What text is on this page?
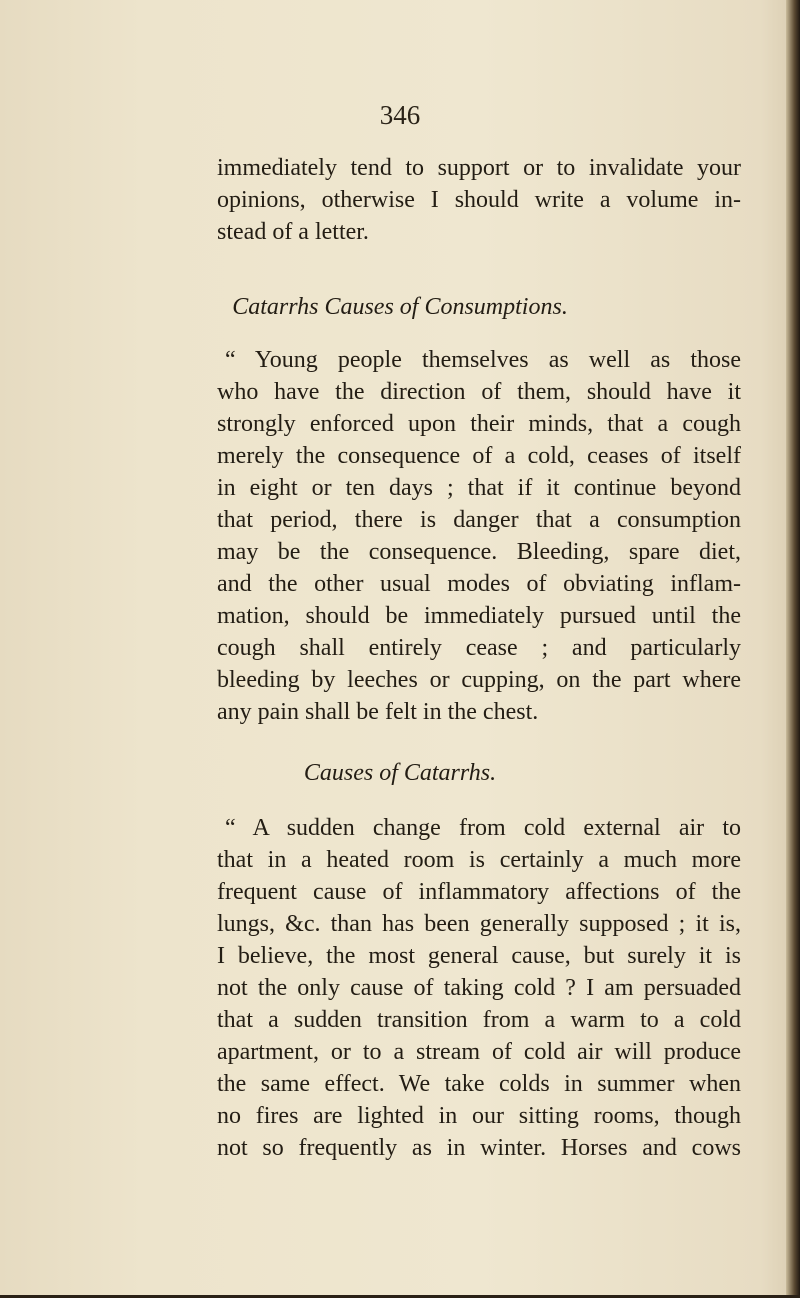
346
immediately tend to support or to invalidate your
opinions, otherwise I should write a volume in-
stead of a letter.
Catarrhs Causes of Consumptions.
“ Young people themselves as well as those
who have the direction of them, should have it
strongly enforced upon their minds, that a cough
merely the consequence of a cold, ceases of itself
in eight or ten days ; that if it continue beyond
that period, there is danger that a consumption
may be the consequence. Bleeding, spare diet,
and the other usual modes of obviating inflam-
mation, should be immediately pursued until the
cough shall entirely cease ; and particularly
bleeding by leeches or cupping, on the part where
any pain shall be felt in the chest.
Causes of Catarrhs.
“ A sudden change from cold external air to
that in a heated room is certainly a much more
frequent cause of inflammatory affections of the
lungs, &c. than has been generally supposed ; it is,
I believe, the most general cause, but surely it is
not the only cause of taking cold ? I am persuaded
that a sudden transition from a warm to a cold
apartment, or to a stream of cold air will produce
the same effect. We take colds in summer when
no fires are lighted in our sitting rooms, though
not so frequently as in winter. Horses and cows
